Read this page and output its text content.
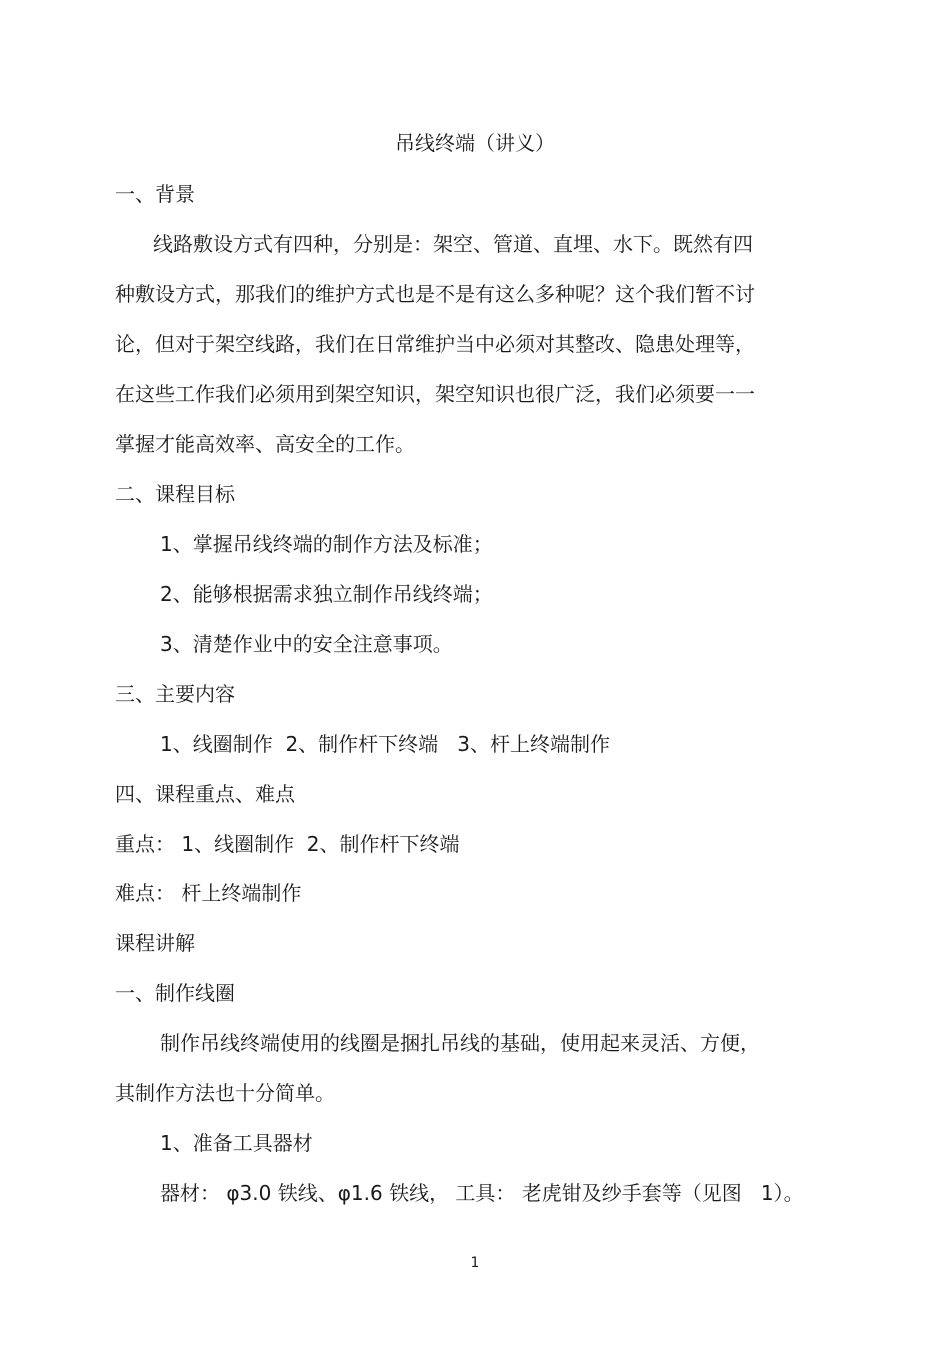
吊线终端（讲义）
一、背景
线路敷设方式有四种，分别是：架空、管道、直埋、水下。既然有四
种敷设方式，那我们的维护方式也是不是有这么多种呢？这个我们暂不讨
论，但对于架空线路，我们在日常维护当中必须对其整改、隐患处理等，
在这些工作我们必须用到架空知识，架空知识也很广泛，我们必须要一一
掌握才能高效率、高安全的工作。
二、课程目标
1、掌握吊线终端的制作方法及标准；
2、能够根据需求独立制作吊线终端；
3、清楚作业中的安全注意事项。
三、主要内容
1、线圈制作  2、制作杆下终端   3、杆上终端制作
四、课程重点、难点
重点： 1、线圈制作  2、制作杆下终端
难点： 杆上终端制作
课程讲解
一、制作线圈
制作吊线终端使用的线圈是捆扎吊线的基础，使用起来灵活、方便，
其制作方法也十分简单。
1、准备工具器材
器材： φ3.0 铁线、φ1.6 铁线， 工具： 老虎钳及纱手套等（见图   1）。
1
